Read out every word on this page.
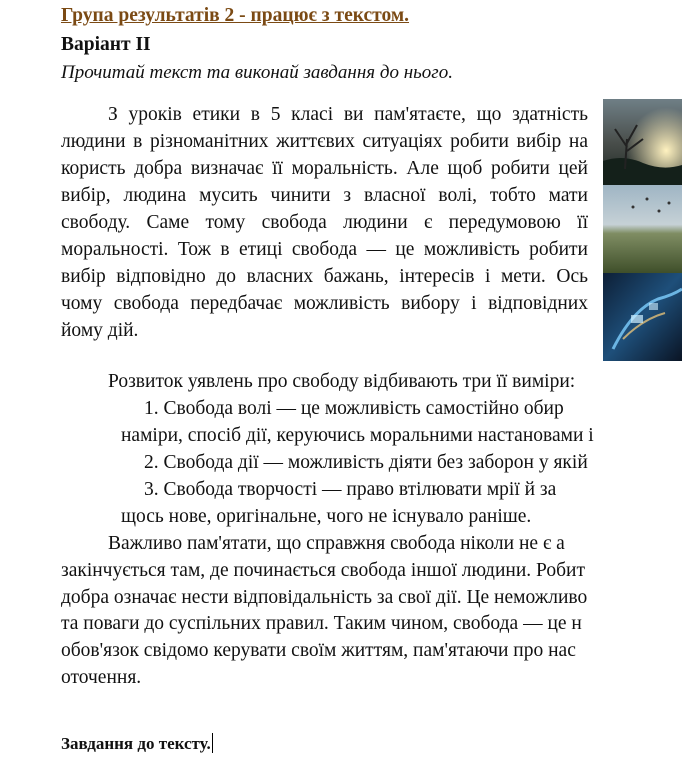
Група результатів 2 - працює з текстом.
Варіант ІІ
Прочитай текст та виконай завдання до нього.
З уроків етики в 5 класі ви пам'ятаєте, що здатність людини в різноманітних життєвих ситуаціях робити вибір на користь добра визначає її моральність. Але щоб робити цей вибір, людина мусить чинити з власної волі, тобто мати свободу. Саме тому свобода людини є передумовою її моральності. Тож в етиці свобода — це можливість робити вибір відповідно до власних бажань, інтересів і мети. Ось чому свобода передбачає можливість вибору і відповідних йому дій.
Розвиток уявлень про свободу відбивають три її виміри:
1. Свобода волі — це можливість самостійно обир
наміри, спосіб дії, керуючись моральними настановами і
2. Свобода дії — можливість діяти без заборон у якій
3. Свобода творчості — право втілювати мрії й за
щось нове, оригінальне, чого не існувало раніше.
Важливо пам'ятати, що справжня свобода ніколи не є а
закінчується там, де починається свобода іншої людини. Робит
добра означає нести відповідальність за свої дії. Це неможливо
та поваги до суспільних правил. Таким чином, свобода — це н
обов'язок свідомо керувати своїм життям, пам'ятаючи про нас
оточення.
Завдання до тексту.
